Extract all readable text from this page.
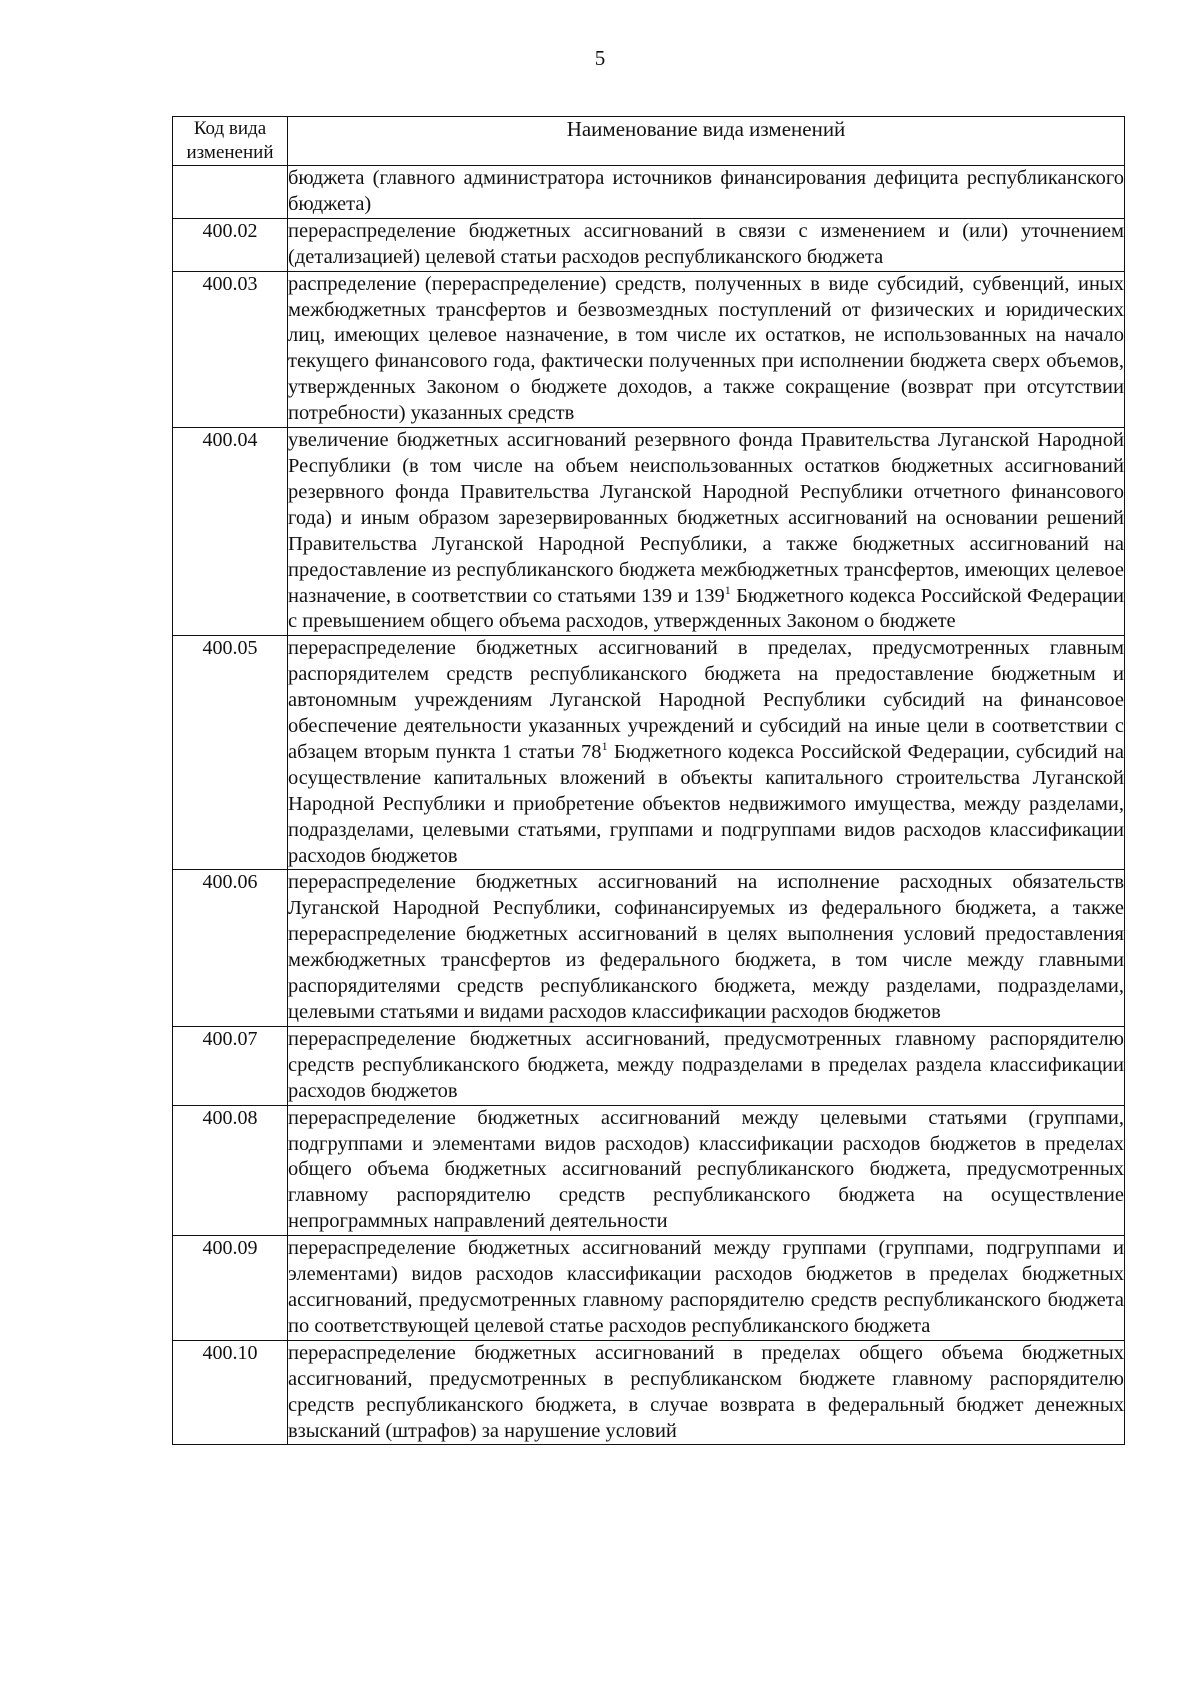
5
Код вида изменений	Наименование вида изменений
	бюджета (главного администратора источников финансирования дефицита республиканского бюджета)
400.02	перераспределение бюджетных ассигнований в связи с изменением и (или) уточнением (детализацией) целевой статьи расходов республиканского бюджета
400.03	распределение (перераспределение) средств, полученных в виде субсидий, субвенций, иных межбюджетных трансфертов и безвозмездных поступлений от физических и юридических лиц, имеющих целевое назначение, в том числе их остатков, не использованных на начало текущего финансового года, фактически полученных при исполнении бюджета сверх объемов, утвержденных Законом о бюджете доходов, а также сокращение (возврат при отсутствии потребности) указанных средств
400.04	увеличение бюджетных ассигнований резервного фонда Правительства Луганской Народной Республики (в том числе на объем неиспользованных остатков бюджетных ассигнований резервного фонда Правительства Луганской Народной Республики отчетного финансового года) и иным образом зарезервированных бюджетных ассигнований на основании решений Правительства Луганской Народной Республики, а также бюджетных ассигнований на предоставление из республиканского бюджета межбюджетных трансфертов, имеющих целевое назначение, в соответствии со статьями 139 и $139^1$ Бюджетного кодекса Российской Федерации с превышением общего объема расходов, утвержденных Законом о бюджете
400.05	перераспределение бюджетных ассигнований в пределах, предусмотренных главным распорядителем средств республиканского бюджета на предоставление бюджетным и автономным учреждениям Луганской Народной Республики субсидий на финансовое обеспечение деятельности указанных учреждений и субсидий на иные цели в соответствии с абзацем вторым пункта 1 статьи $78^1$ Бюджетного кодекса Российской Федерации, субсидий на осуществление капитальных вложений в объекты капитального строительства Луганской Народной Республики и приобретение объектов недвижимого имущества, между разделами, подразделами, целевыми статьями, группами и подгруппами видов расходов классификации расходов бюджетов
400.06	перераспределение бюджетных ассигнований на исполнение расходных обязательств Луганской Народной Республики, софинансируемых из федерального бюджета, а также перераспределение бюджетных ассигнований в целях выполнения условий предоставления межбюджетных трансфертов из федерального бюджета, в том числе между главными распорядителями средств республиканского бюджета, между разделами, подразделами, целевыми статьями и видами расходов классификации расходов бюджетов
400.07	перераспределение бюджетных ассигнований, предусмотренных главному распорядителю средств республиканского бюджета, между подразделами в пределах раздела классификации расходов бюджетов
400.08	перераспределение бюджетных ассигнований между целевыми статьями (группами, подгруппами и элементами видов расходов) классификации расходов бюджетов в пределах общего объема бюджетных ассигнований республиканского бюджета, предусмотренных главному распорядителю средств республиканского бюджета на осуществление непрограммных направлений деятельности
400.09	перераспределение бюджетных ассигнований между группами (группами, подгруппами и элементами) видов расходов классификации расходов бюджетов в пределах бюджетных ассигнований, предусмотренных главному распорядителю средств республиканского бюджета по соответствующей целевой статье расходов республиканского бюджета
400.10	перераспределение бюджетных ассигнований в пределах общего объема бюджетных ассигнований, предусмотренных в республиканском бюджете главному распорядителю средств республиканского бюджета, в случае возврата в федеральный бюджет денежных взысканий (штрафов) за нарушение условий
